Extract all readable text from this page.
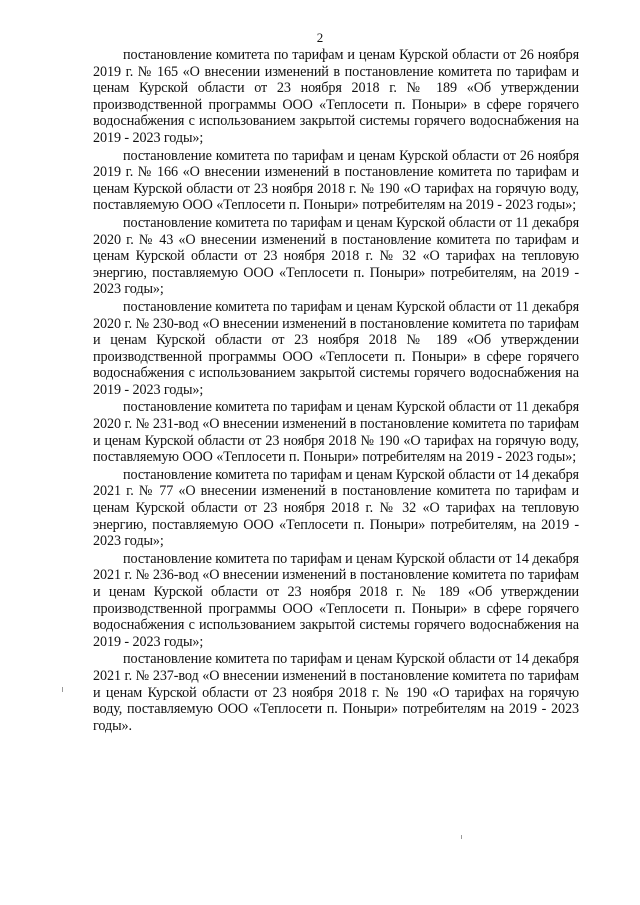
2

постановление комитета по тарифам и ценам Курской области от 26 ноября 2019 г. № 165 «О внесении изменений в постановление комитета по тарифам и ценам Курской области от 23 ноября 2018 г. № 189 «Об утверждении производственной программы ООО «Теплосети п. Поныри» в сфере горячего водоснабжения с использованием закрытой системы горячего водоснабжения на 2019 - 2023 годы»;

постановление комитета по тарифам и ценам Курской области от 26 ноября 2019 г. № 166 «О внесении изменений в постановление комитета по тарифам и ценам Курской области от 23 ноября 2018 г. № 190 «О тарифах на горячую воду, поставляемую ООО «Теплосети п. Поныри» потребителям на 2019 - 2023 годы»;

постановление комитета по тарифам и ценам Курской области от 11 декабря 2020 г. № 43 «О внесении изменений в постановление комитета по тарифам и ценам Курской области от 23 ноября 2018 г. № 32 «О тарифах на тепловую энергию, поставляемую ООО «Теплосети п. Поныри» потребителям, на 2019 - 2023 годы»;

постановление комитета по тарифам и ценам Курской области от 11 декабря 2020 г. № 230-вод «О внесении изменений в постановление комитета по тарифам и ценам Курской области от 23 ноября 2018 № 189 «Об утверждении производственной программы ООО «Теплосети п. Поныри» в сфере горячего водоснабжения с использованием закрытой системы горячего водоснабжения на 2019 - 2023 годы»;

постановление комитета по тарифам и ценам Курской области от 11 декабря 2020 г. № 231-вод «О внесении изменений в постановление комитета по тарифам и ценам Курской области от 23 ноября 2018 № 190 «О тарифах на горячую воду, поставляемую ООО «Теплосети п. Поныри» потребителям на 2019 - 2023 годы»;

постановление комитета по тарифам и ценам Курской области от 14 декабря 2021 г. № 77 «О внесении изменений в постановление комитета по тарифам и ценам Курской области от 23 ноября 2018 г. № 32 «О тарифах на тепловую энергию, поставляемую ООО «Теплосети п. Поныри» потребителям, на 2019 - 2023 годы»;

постановление комитета по тарифам и ценам Курской области от 14 декабря 2021 г. № 236-вод «О внесении изменений в постановление комитета по тарифам и ценам Курской области от 23 ноября 2018 г. № 189 «Об утверждении производственной программы ООО «Теплосети п. Поныри» в сфере горячего водоснабжения с использованием закрытой системы горячего водоснабжения на 2019 - 2023 годы»;

постановление комитета по тарифам и ценам Курской области от 14 декабря 2021 г. № 237-вод «О внесении изменений в постановление комитета по тарифам и ценам Курской области от 23 ноября 2018 г. № 190 «О тарифах на горячую воду, поставляемую ООО «Теплосети п. Поныри» потребителям на 2019 - 2023 годы».
